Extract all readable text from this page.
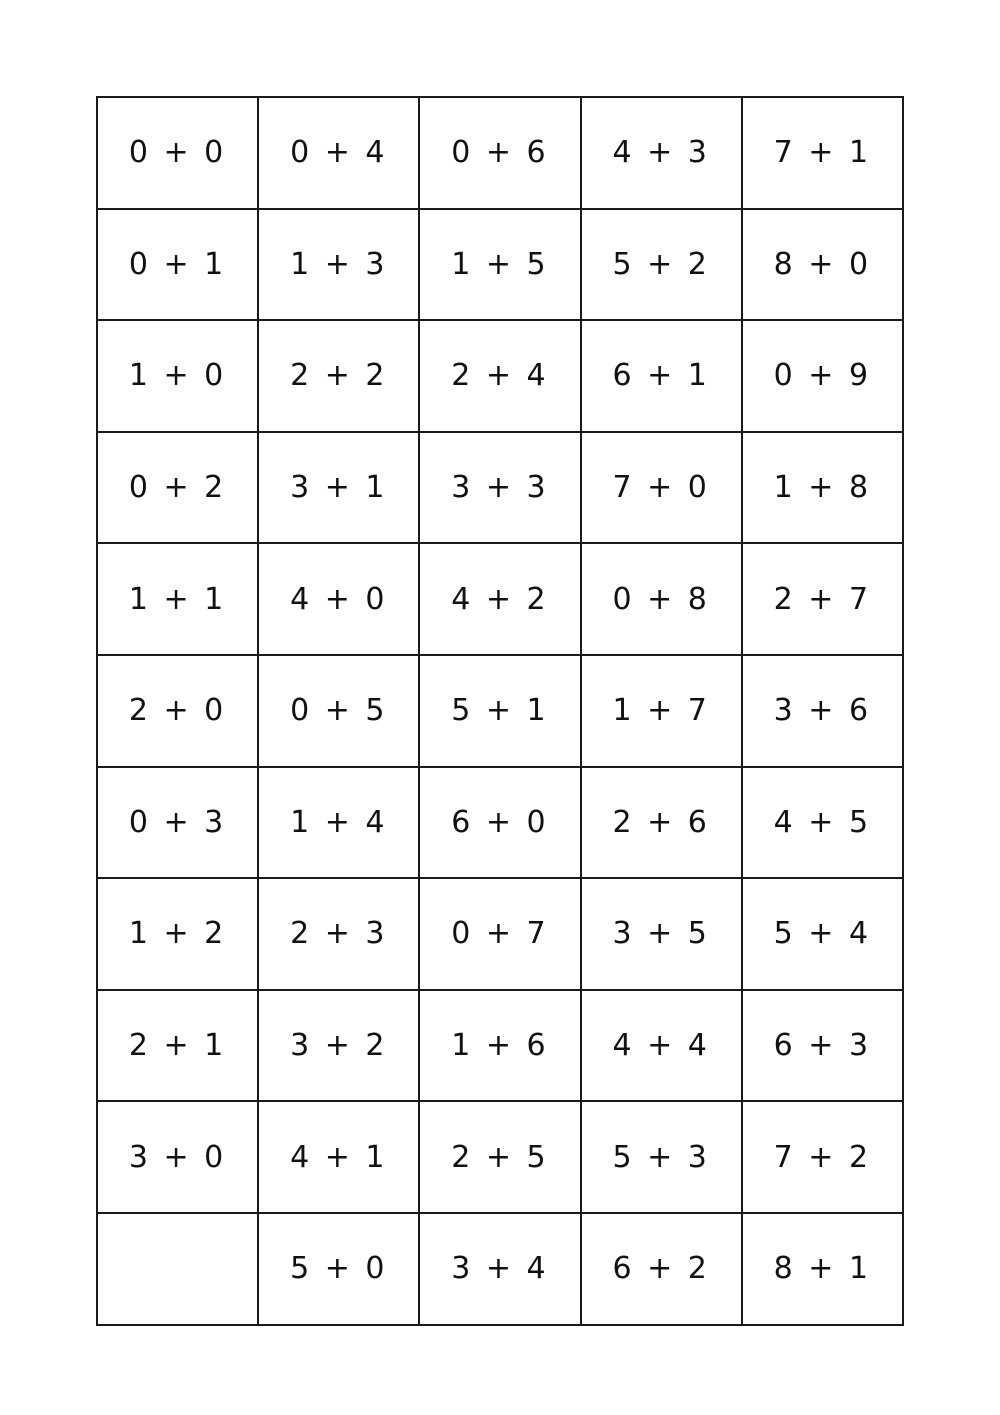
0 + 0	0 + 4	0 + 6	4 + 3	7 + 1
0 + 1	1 + 3	1 + 5	5 + 2	8 + 0
1 + 0	2 + 2	2 + 4	6 + 1	0 + 9
0 + 2	3 + 1	3 + 3	7 + 0	1 + 8
1 + 1	4 + 0	4 + 2	0 + 8	2 + 7
2 + 0	0 + 5	5 + 1	1 + 7	3 + 6
0 + 3	1 + 4	6 + 0	2 + 6	4 + 5
1 + 2	2 + 3	0 + 7	3 + 5	5 + 4
2 + 1	3 + 2	1 + 6	4 + 4	6 + 3
3 + 0	4 + 1	2 + 5	5 + 3	7 + 2
	5 + 0	3 + 4	6 + 2	8 + 1
